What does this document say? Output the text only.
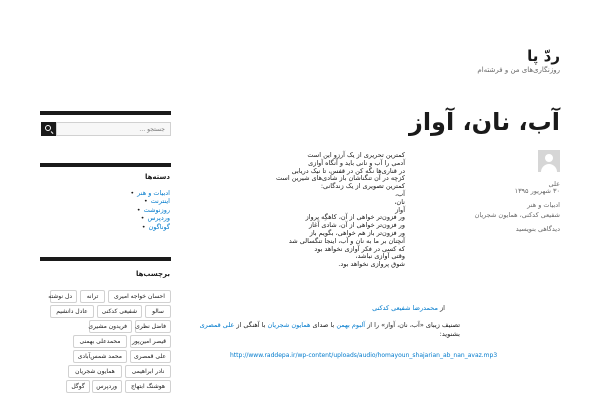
ردّ پا
روزنگاری‌های من و فرشته‌ام
آب، نان، آواز
علی
۳۰ شهریور ۱۳۹۵
ادبیات و هنر
شفیعی کدکنی، همایون شجریان
دیدگاهی بنویسید
کمترین تحریری از یک آرزو این است
آدمی را آب و نانی باید و آنگاه آوازی
در قناری‌ها نگه کن در قفس، تا نیک دریابی
کزچه در آن تنگناشان باز شادی‌های شیرین است
کمترین تصویری از یک زندگانی:
آب،
نان،
آواز
ور فزون‌تر خواهی از آن، کاهگِه پرواز
ور فزون‌تر خواهی از آن، شادی آغاز
ور فزون‌تر باز هم خواهی، بگویم باز
آنچنان بر ما به نان و آب، اینجا تنگسالی شد
که کسی در فکر آوازی نخواهد بود
وقتی آوازی نباشد،
شوق پروازی نخواهد بود.
از محمدرضا شفیعی کدکنی
تصنیف زیبای «آب، نان، آواز» را از آلبوم بهمن با صدای همایون شجریان با آهنگی از علی قمصری بشنوید:
http://www.raddepa.ir/wp-content/uploads/audio/homayoun_shajarian_ab_nan_avaz.mp3
جستجو …
دسته‌ها
ادبیات و هنر •
اینترنت •
روزنوشت •
وردپرس •
گوناگون •
برچسب‌ها
احسان خواجه امیری
ترانه
دل نوشته
سالو
شفیعی کدکنی
عادل دانشیم
فاضل نظری
فریدون مشیری
قیصر امین‌پور
محمدعلی بهمنی
علی قمصری
محمد شمس‌آبادی
نادر ابراهیمی
همایون شجریان
هوشنگ ابتهاج
وردپرس
گوگل
